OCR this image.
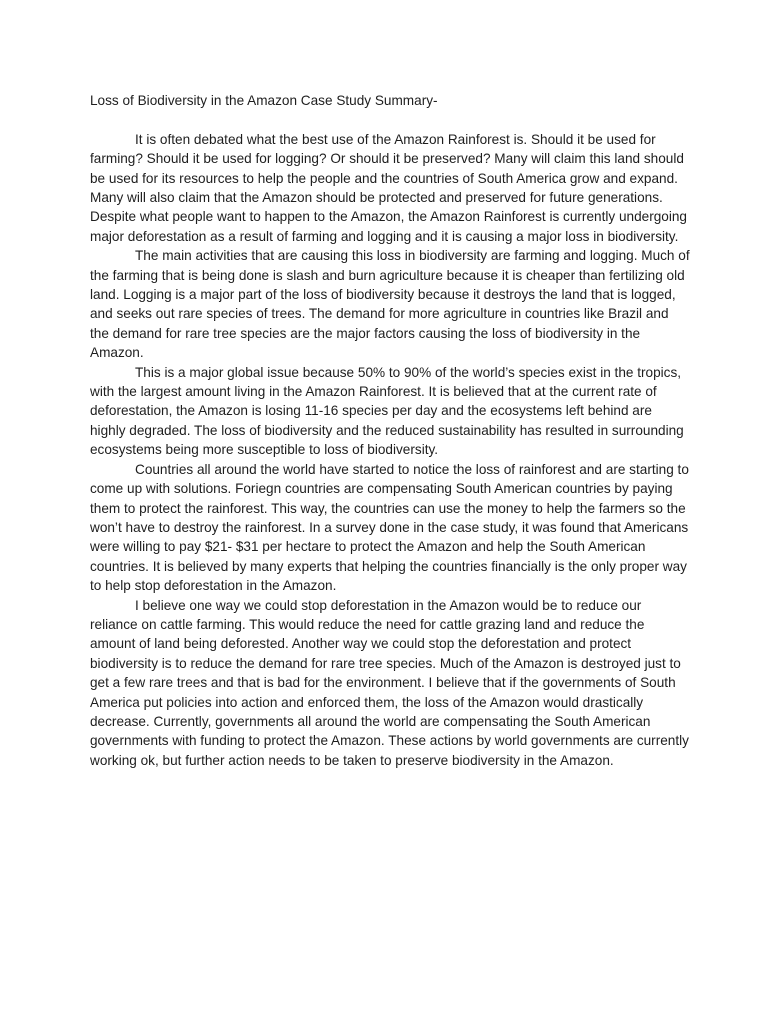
Loss of Biodiversity in the Amazon Case Study Summary-

It is often debated what the best use of the Amazon Rainforest is. Should it be used for farming? Should it be used for logging? Or should it be preserved? Many will claim this land should be used for its resources to help the people and the countries of South America grow and expand. Many will also claim that the Amazon should be protected and preserved for future generations. Despite what people want to happen to the Amazon, the Amazon Rainforest is currently undergoing major deforestation as a result of farming and logging and it is causing a major loss in biodiversity.

The main activities that are causing this loss in biodiversity are farming and logging. Much of the farming that is being done is slash and burn agriculture because it is cheaper than fertilizing old land. Logging is a major part of the loss of biodiversity because it destroys the land that is logged, and seeks out rare species of trees. The demand for more agriculture in countries like Brazil and the demand for rare tree species are the major factors causing the loss of biodiversity in the Amazon.

This is a major global issue because 50% to 90% of the world’s species exist in the tropics, with the largest amount living in the Amazon Rainforest. It is believed that at the current rate of deforestation, the Amazon is losing 11-16 species per day and the ecosystems left behind are highly degraded. The loss of biodiversity and the reduced sustainability has resulted in surrounding ecosystems being more susceptible to loss of biodiversity.

Countries all around the world have started to notice the loss of rainforest and are starting to come up with solutions. Foriegn countries are compensating South American countries by paying them to protect the rainforest. This way, the countries can use the money to help the farmers so the won’t have to destroy the rainforest. In a survey done in the case study, it was found that Americans were willing to pay $21- $31 per hectare to protect the Amazon and help the South American countries. It is believed by many experts that helping the countries financially is the only proper way to help stop deforestation in the Amazon.

I believe one way we could stop deforestation in the Amazon would be to reduce our reliance on cattle farming. This would reduce the need for cattle grazing land and reduce the amount of land being deforested. Another way we could stop the deforestation and protect biodiversity is to reduce the demand for rare tree species. Much of the Amazon is destroyed just to get a few rare trees and that is bad for the environment. I believe that if the governments of South America put policies into action and enforced them, the loss of the Amazon would drastically decrease. Currently, governments all around the world are compensating the South American governments with funding to protect the Amazon. These actions by world governments are currently working ok, but further action needs to be taken to preserve biodiversity in the Amazon.
